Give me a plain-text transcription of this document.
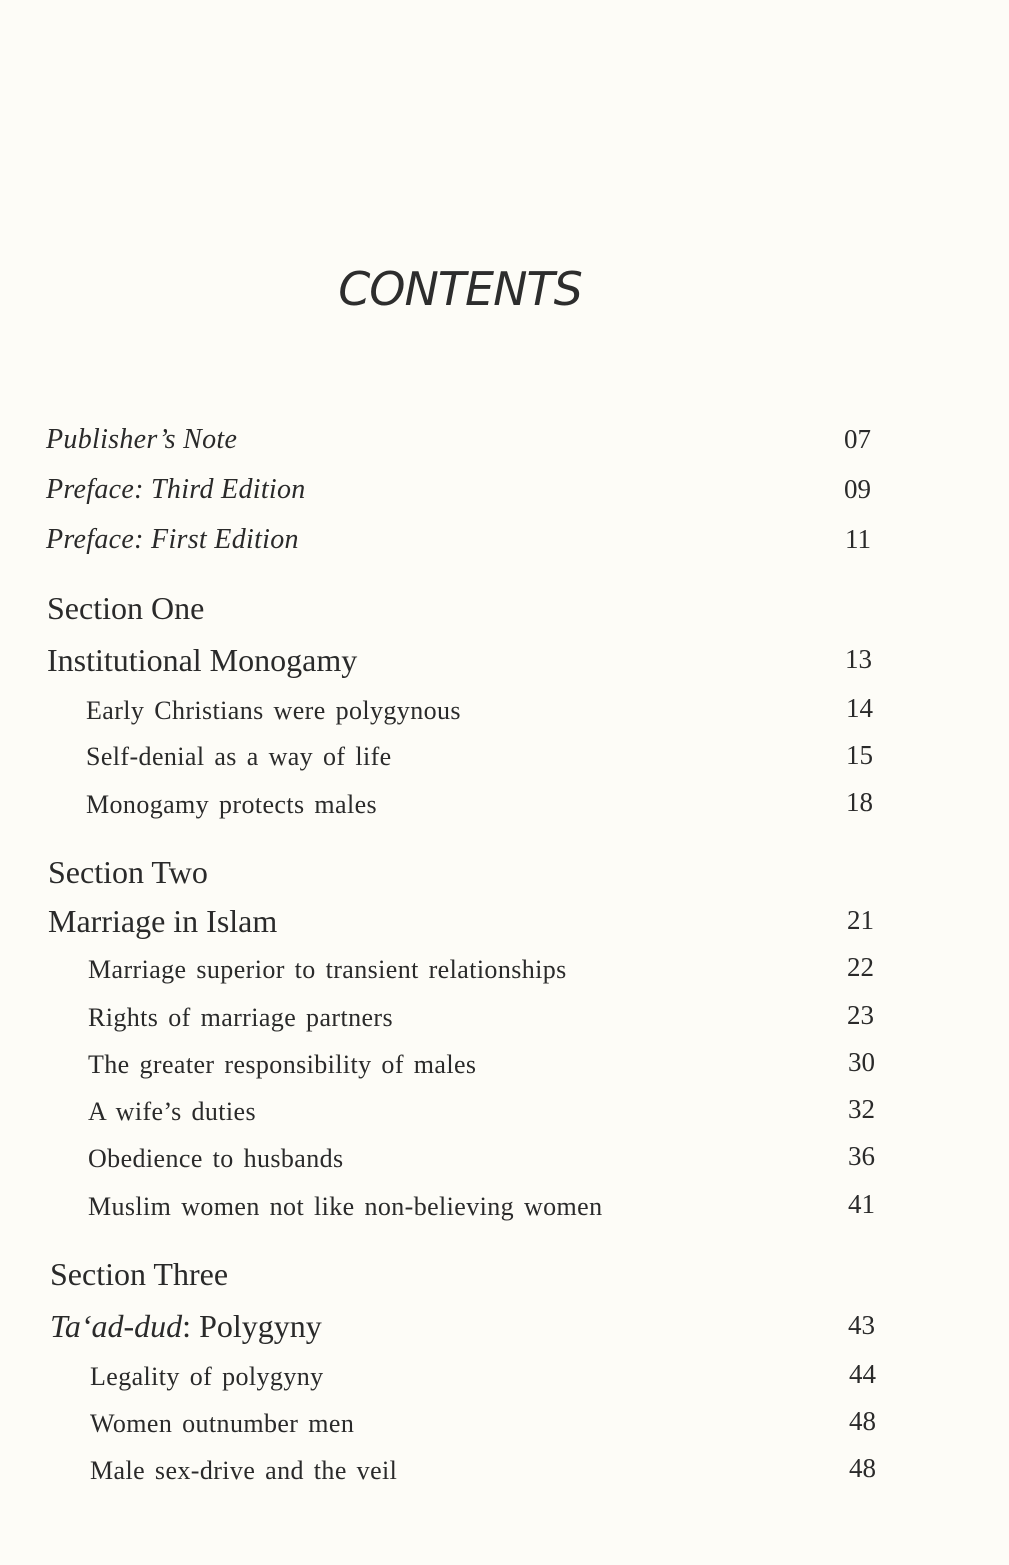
CONTENTS
Publisher’s Note	07
Preface: Third Edition	09
Preface: First Edition	11
Section One
Institutional Monogamy	13
Early Christians were polygynous	14
Self-denial as a way of life	15
Monogamy protects males	18
Section Two
Marriage in Islam	21
Marriage superior to transient relationships	22
Rights of marriage partners	23
The greater responsibility of males	30
A wife’s duties	32
Obedience to husbands	36
Muslim women not like non-believing women	41
Section Three
Ta‘ad-dud: Polygyny	43
Legality of polygyny	44
Women outnumber men	48
Male sex-drive and the veil	48
